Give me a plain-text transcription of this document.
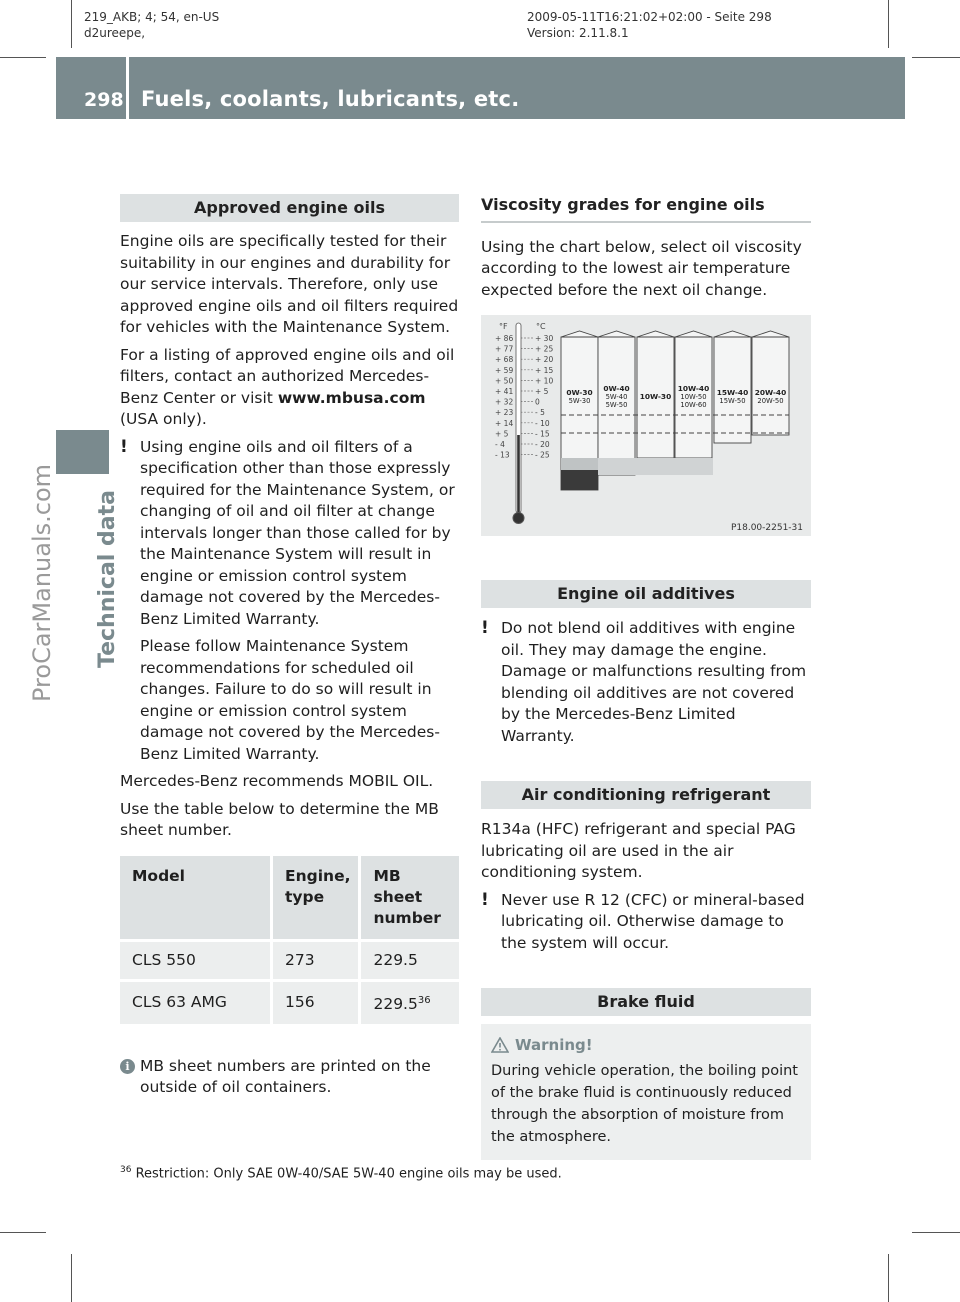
219_AKB; 4; 54, en-US
d2ureepe,
2009-05-11T16:21:02+02:00 - Seite 298
Version: 2.11.8.1
298 Fuels, coolants, lubricants, etc.
Technical data
ProCarManuals.com
Approved engine oils

Engine oils are specifically tested for their suitability in our engines and durability for our service intervals. Therefore, only use approved engine oils and oil filters required for vehicles with the Maintenance System.

For a listing of approved engine oils and oil filters, contact an authorized Mercedes-Benz Center or visit www.mbusa.com (USA only).

! Using engine oils and oil filters of a specification other than those expressly required for the Maintenance System, or changing of oil and oil filter at change intervals longer than those called for by the Maintenance System will result in engine or emission control system damage not covered by the Mercedes-Benz Limited Warranty.
Please follow Maintenance System recommendations for scheduled oil changes. Failure to do so will result in engine or emission control system damage not covered by the Mercedes-Benz Limited Warranty.

Mercedes-Benz recommends MOBIL OIL.

Use the table below to determine the MB sheet number.

Model	Engine, type	MB sheet number
CLS 550	273	229.5
CLS 63 AMG	156	229.5$^{36}$
i MB sheet numbers are printed on the outside of oil containers.
Viscosity grades for engine oils

Using the chart below, select oil viscosity according to the lowest air temperature expected before the next oil change.

°F	°C
+ 86	+ 30
+ 77	+ 25
+ 68	+ 20
+ 59	+ 15
+ 50	+ 10
+ 41	+ 5
+ 32	0
+ 23	- 5
+ 14	- 10
+ 5	- 15
- 4	- 20
- 13	- 25
0W-30
5W-30
0W-40
5W-40
5W-50
10W-30
10W-40
10W-50
10W-60
15W-40
15W-50
20W-40
20W-50
P18.00-2251-31
Engine oil additives
! Do not blend oil additives with engine oil. They may damage the engine. Damage or malfunctions resulting from blending oil additives are not covered by the Mercedes-Benz Limited Warranty.
Air conditioning refrigerant

R134a (HFC) refrigerant and special PAG lubricating oil are used in the air conditioning system.

! Never use R 12 (CFC) or mineral-based lubricating oil. Otherwise damage to the system will occur.
Brake fluid
Warning!
During vehicle operation, the boiling point of the brake fluid is continuously reduced through the absorption of moisture from the atmosphere.
$^{36}$ Restriction: Only SAE 0W-40/SAE 5W-40 engine oils may be used.
